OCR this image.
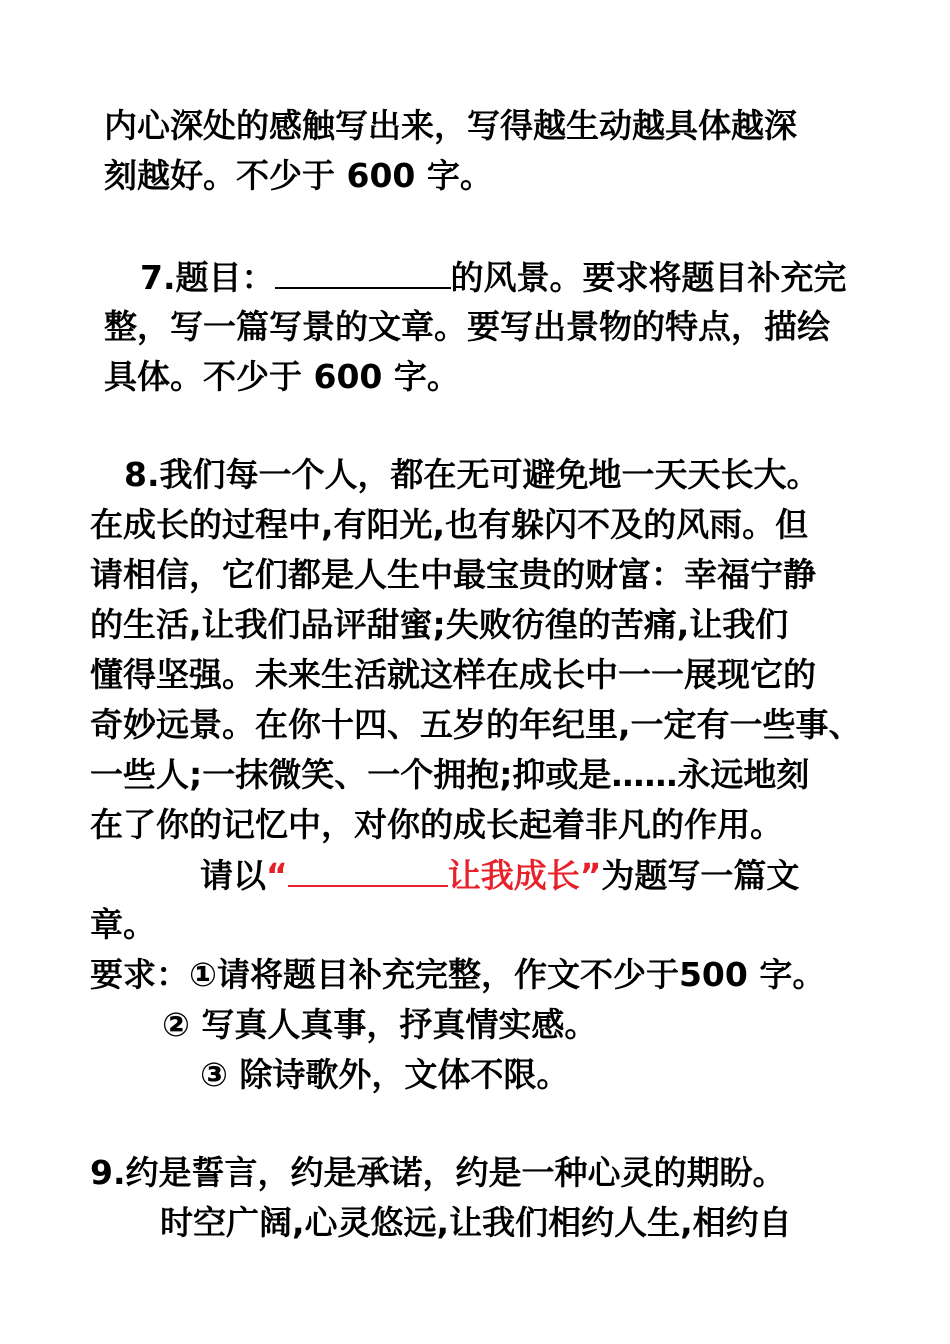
内心深处的感触写出来，写得越生动越具体越深
刻越好。不少于 600 字。
7.题目：	的风景。要求将题目补充完
整，写一篇写景的文章。要写出景物的特点，描绘
具体。不少于 600 字。
8.我们每一个人，都在无可避免地一天天长大。
在成长的过程中,有阳光,也有躲闪不及的风雨。但
请相信，它们都是人生中最宝贵的财富：幸福宁静
的生活,让我们品评甜蜜;失败彷徨的苦痛,让我们
懂得坚强。未来生活就这样在成长中一一展现它的
奇妙远景。在你十四、五岁的年纪里,一定有一些事、
一些人;一抹微笑、一个拥抱;抑或是……永远地刻
在了你的记忆中，对你的成长起着非凡的作用。
请以“	让我成长”为题写一篇文
章。
要求：①请将题目补充完整，作文不少于500 字。
② 写真人真事，抒真情实感。
③ 除诗歌外，文体不限。
9.约是誓言，约是承诺，约是一种心灵的期盼。
时空广阔,心灵悠远,让我们相约人生,相约自
